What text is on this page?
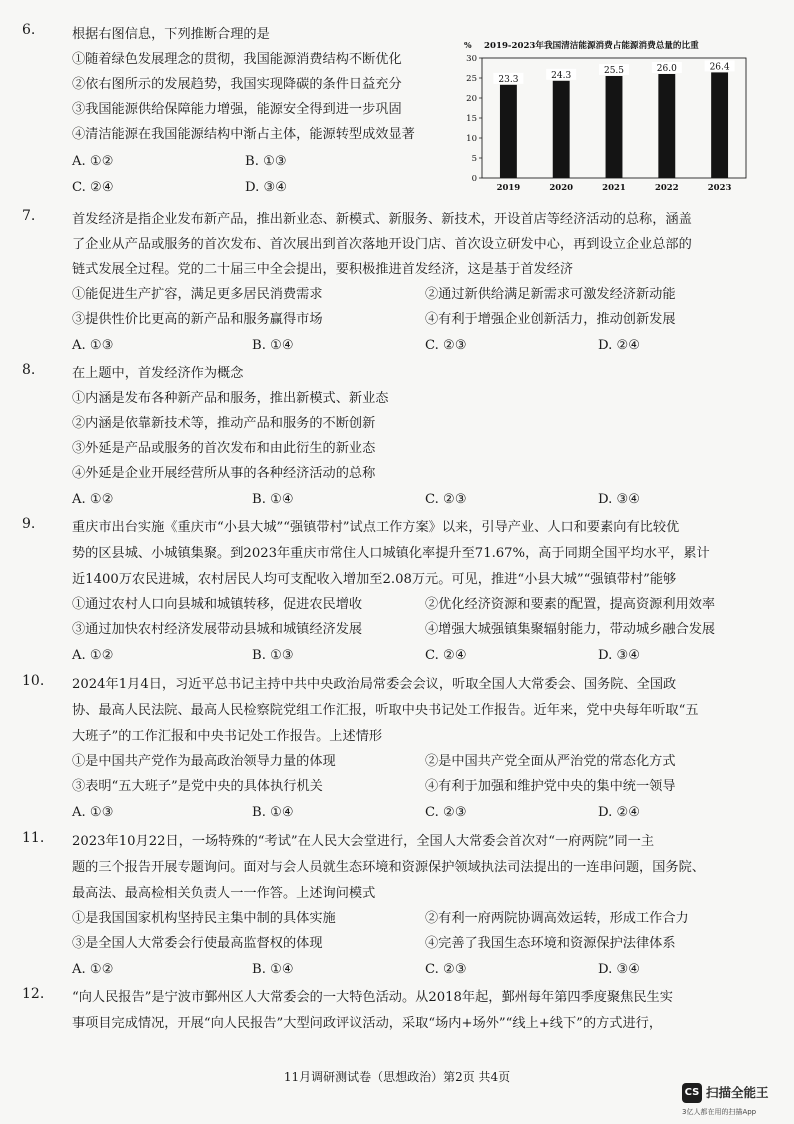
6.	根据右图信息，下列推断合理的是
①随着绿色发展理念的贯彻，我国能源消费结构不断优化
②依右图所示的发展趋势，我国实现降碳的条件日益充分
③我国能源供给保障能力增强，能源安全得到进一步巩固
④清洁能源在我国能源结构中渐占主体，能源转型成效显著
A. ①②	B. ①③
C. ②④	D. ③④
2019-2023年我国清洁能源消费占能源消费总量的比重
%
0
5
10
15
20
25
30
23.3
2019
24.3
2020
25.5
2021
26.0
2022
26.4
2023
7.	首发经济是指企业发布新产品，推出新业态、新模式、新服务、新技术，开设首店等经济活动的总称，涵盖
了企业从产品或服务的首次发布、首次展出到首次落地开设门店、首次设立研发中心，再到设立企业总部的
链式发展全过程。党的二十届三中全会提出，要积极推进首发经济，这是基于首发经济
①能促进生产扩容，满足更多居民消费需求	②通过新供给满足新需求可激发经济新动能
③提供性价比更高的新产品和服务赢得市场	④有利于增强企业创新活力，推动创新发展
A. ①③	B. ①④	C. ②③	D. ②④
8.	在上题中，首发经济作为概念
①内涵是发布各种新产品和服务，推出新模式、新业态
②内涵是依靠新技术等，推动产品和服务的不断创新
③外延是产品或服务的首次发布和由此衍生的新业态
④外延是企业开展经营所从事的各种经济活动的总称
A. ①②	B. ①④	C. ②③	D. ③④
9.	重庆市出台实施《重庆市“小县大城”“强镇带村”试点工作方案》以来，引导产业、人口和要素向有比较优
势的区县城、小城镇集聚。到2023年重庆市常住人口城镇化率提升至71.67%，高于同期全国平均水平，累计
近1400万农民进城，农村居民人均可支配收入增加至2.08万元。可见，推进“小县大城”“强镇带村”能够
①通过农村人口向县城和城镇转移，促进农民增收	②优化经济资源和要素的配置，提高资源利用效率
③通过加快农村经济发展带动县城和城镇经济发展	④增强大城强镇集聚辐射能力，带动城乡融合发展
A. ①②	B. ①③	C. ②④	D. ③④
10. 2024年1月4日，习近平总书记主持中共中央政治局常委会会议，听取全国人大常委会、国务院、全国政
协、最高人民法院、最高人民检察院党组工作汇报，听取中央书记处工作报告。近年来，党中央每年听取“五
大班子”的工作汇报和中央书记处工作报告。上述情形
①是中国共产党作为最高政治领导力量的体现	②是中国共产党全面从严治党的常态化方式
③表明“五大班子”是党中央的具体执行机关	④有利于加强和维护党中央的集中统一领导
A. ①③	B. ①④	C. ②③	D. ②④
11. 2023年10月22日，一场特殊的“考试”在人民大会堂进行，全国人大常委会首次对“一府两院”同一主
题的三个报告开展专题询问。面对与会人员就生态环境和资源保护领域执法司法提出的一连串问题，国务院、
最高法、最高检相关负责人一一作答。上述询问模式
①是我国国家机构坚持民主集中制的具体实施	②有利一府两院协调高效运转，形成工作合力
③是全国人大常委会行使最高监督权的体现	④完善了我国生态环境和资源保护法律体系
A. ①②	B. ①④	C. ②③	D. ③④
12. “向人民报告”是宁波市鄞州区人大常委会的一大特色活动。从2018年起，鄞州每年第四季度聚焦民生实
事项目完成情况，开展“向人民报告”大型问政评议活动，采取“场内+场外”“线上+线下”的方式进行，
11月调研测试卷（思想政治）第2页 共4页
CS 扫描全能王
3亿人都在用的扫描App
